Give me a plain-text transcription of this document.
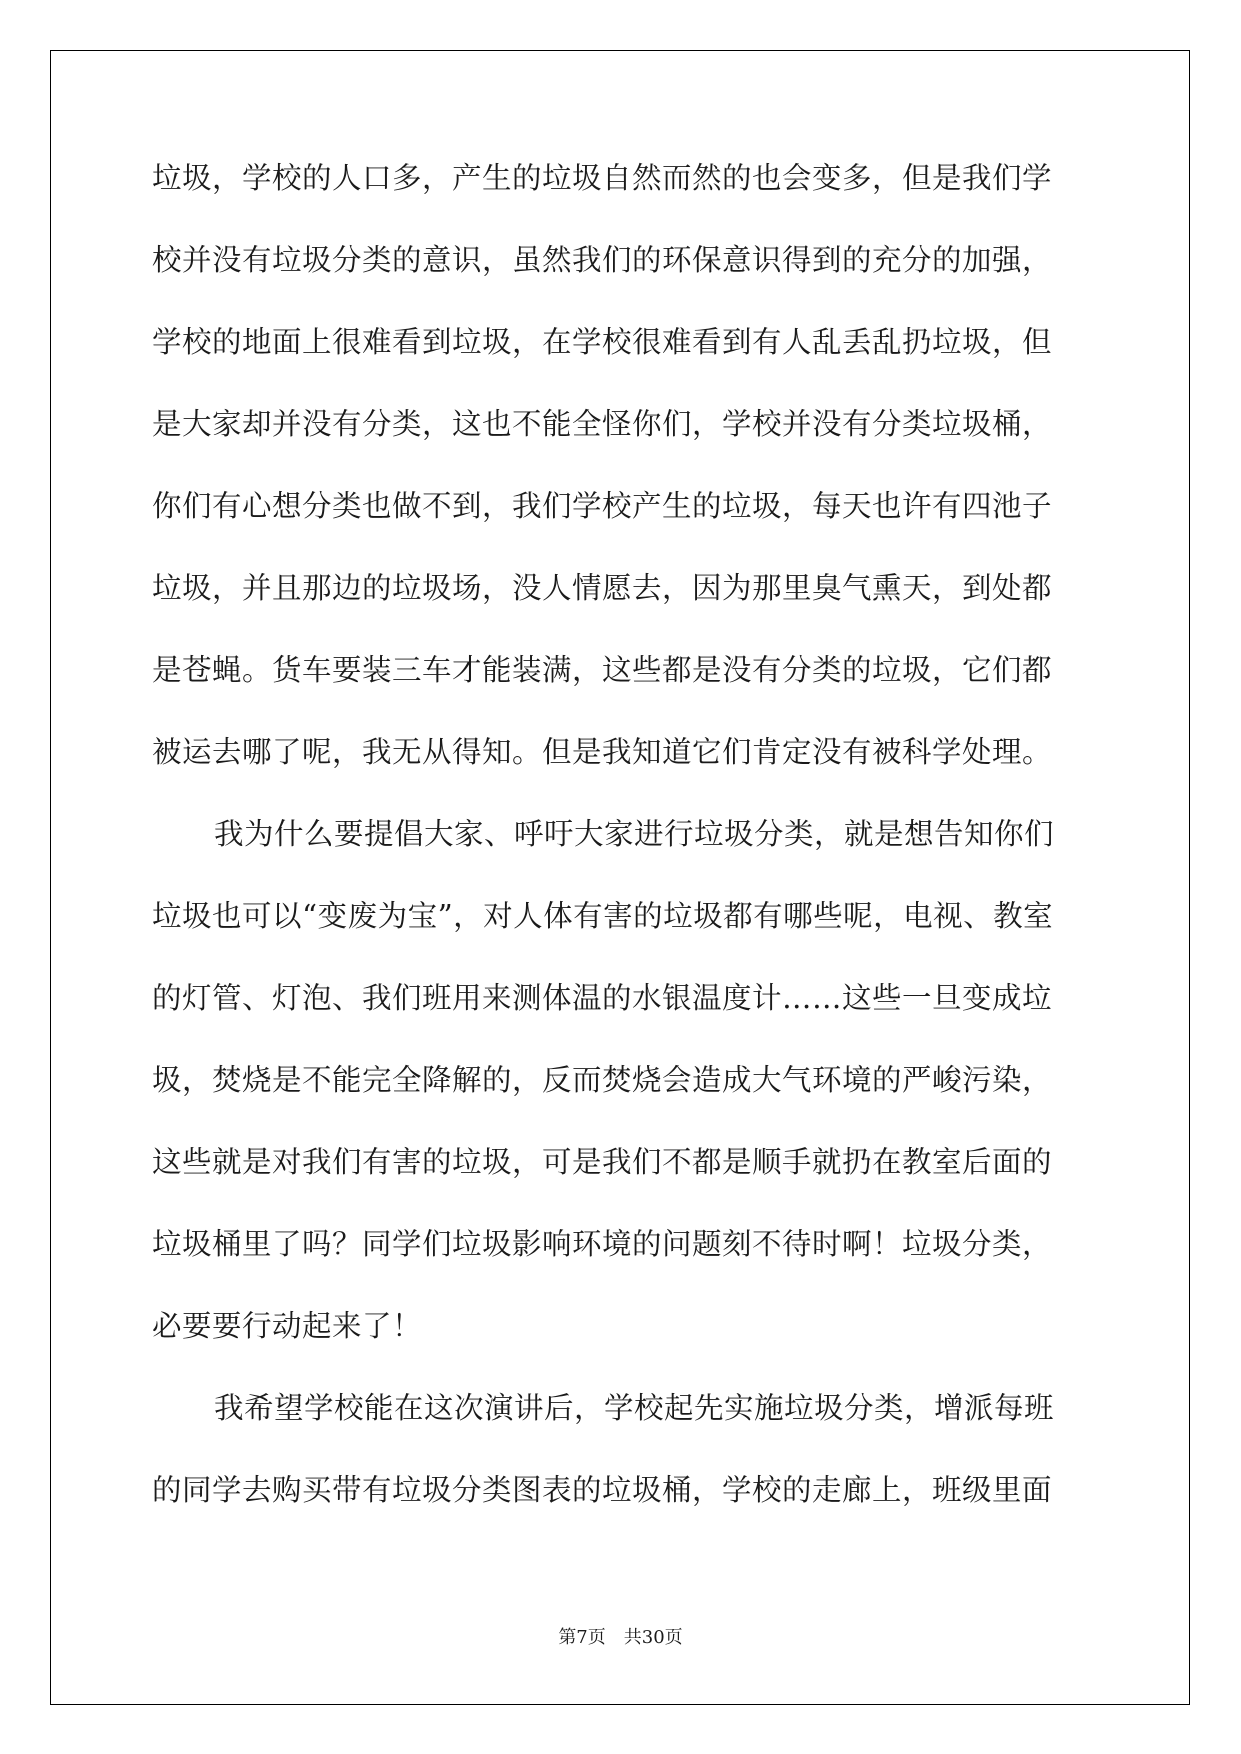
垃圾，学校的人口多，产生的垃圾自然而然的也会变多，但是我们学
校并没有垃圾分类的意识，虽然我们的环保意识得到的充分的加强，
学校的地面上很难看到垃圾，在学校很难看到有人乱丢乱扔垃圾，但
是大家却并没有分类，这也不能全怪你们，学校并没有分类垃圾桶，
你们有心想分类也做不到，我们学校产生的垃圾，每天也许有四池子
垃圾，并且那边的垃圾场，没人情愿去，因为那里臭气熏天，到处都
是苍蝇。货车要装三车才能装满，这些都是没有分类的垃圾，它们都
被运去哪了呢，我无从得知。但是我知道它们肯定没有被科学处理。
我为什么要提倡大家、呼吁大家进行垃圾分类，就是想告知你们
垃圾也可以“变废为宝”，对人体有害的垃圾都有哪些呢，电视、教室
的灯管、灯泡、我们班用来测体温的水银温度计……这些一旦变成垃
圾，焚烧是不能完全降解的，反而焚烧会造成大气环境的严峻污染，
这些就是对我们有害的垃圾，可是我们不都是顺手就扔在教室后面的
垃圾桶里了吗？同学们垃圾影响环境的问题刻不待时啊！垃圾分类，
必要要行动起来了！
我希望学校能在这次演讲后，学校起先实施垃圾分类，增派每班
的同学去购买带有垃圾分类图表的垃圾桶，学校的走廊上，班级里面
第7页 共30页
